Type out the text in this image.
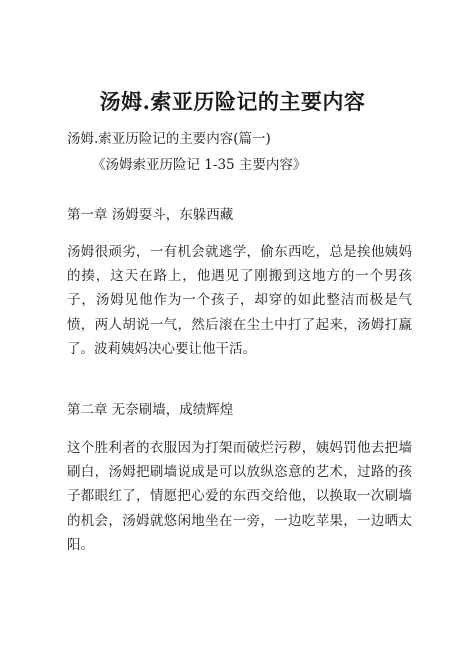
汤姆.索亚历险记的主要内容

汤姆.索亚历险记的主要内容(篇一)

《汤姆索亚历险记 1-35 主要内容》

第一章 汤姆耍斗，东躲西藏

汤姆很顽劣，一有机会就逃学，偷东西吃，总是挨他姨妈的揍，这天在路上，他遇见了刚搬到这地方的一个男孩子，汤姆见他作为一个孩子，却穿的如此整洁而极是气愤，两人胡说一气，然后滚在尘土中打了起来，汤姆打赢了。波莉姨妈决心要让他干活。

第二章 无奈刷墙，成绩辉煌

这个胜利者的衣服因为打架而破烂污秽，姨妈罚他去把墙刷白，汤姆把刷墙说成是可以放纵恣意的艺术，过路的孩子都眼红了，情愿把心爱的东西交给他，以换取一次刷墙的机会，汤姆就悠闲地坐在一旁，一边吃苹果，一边晒太阳。
